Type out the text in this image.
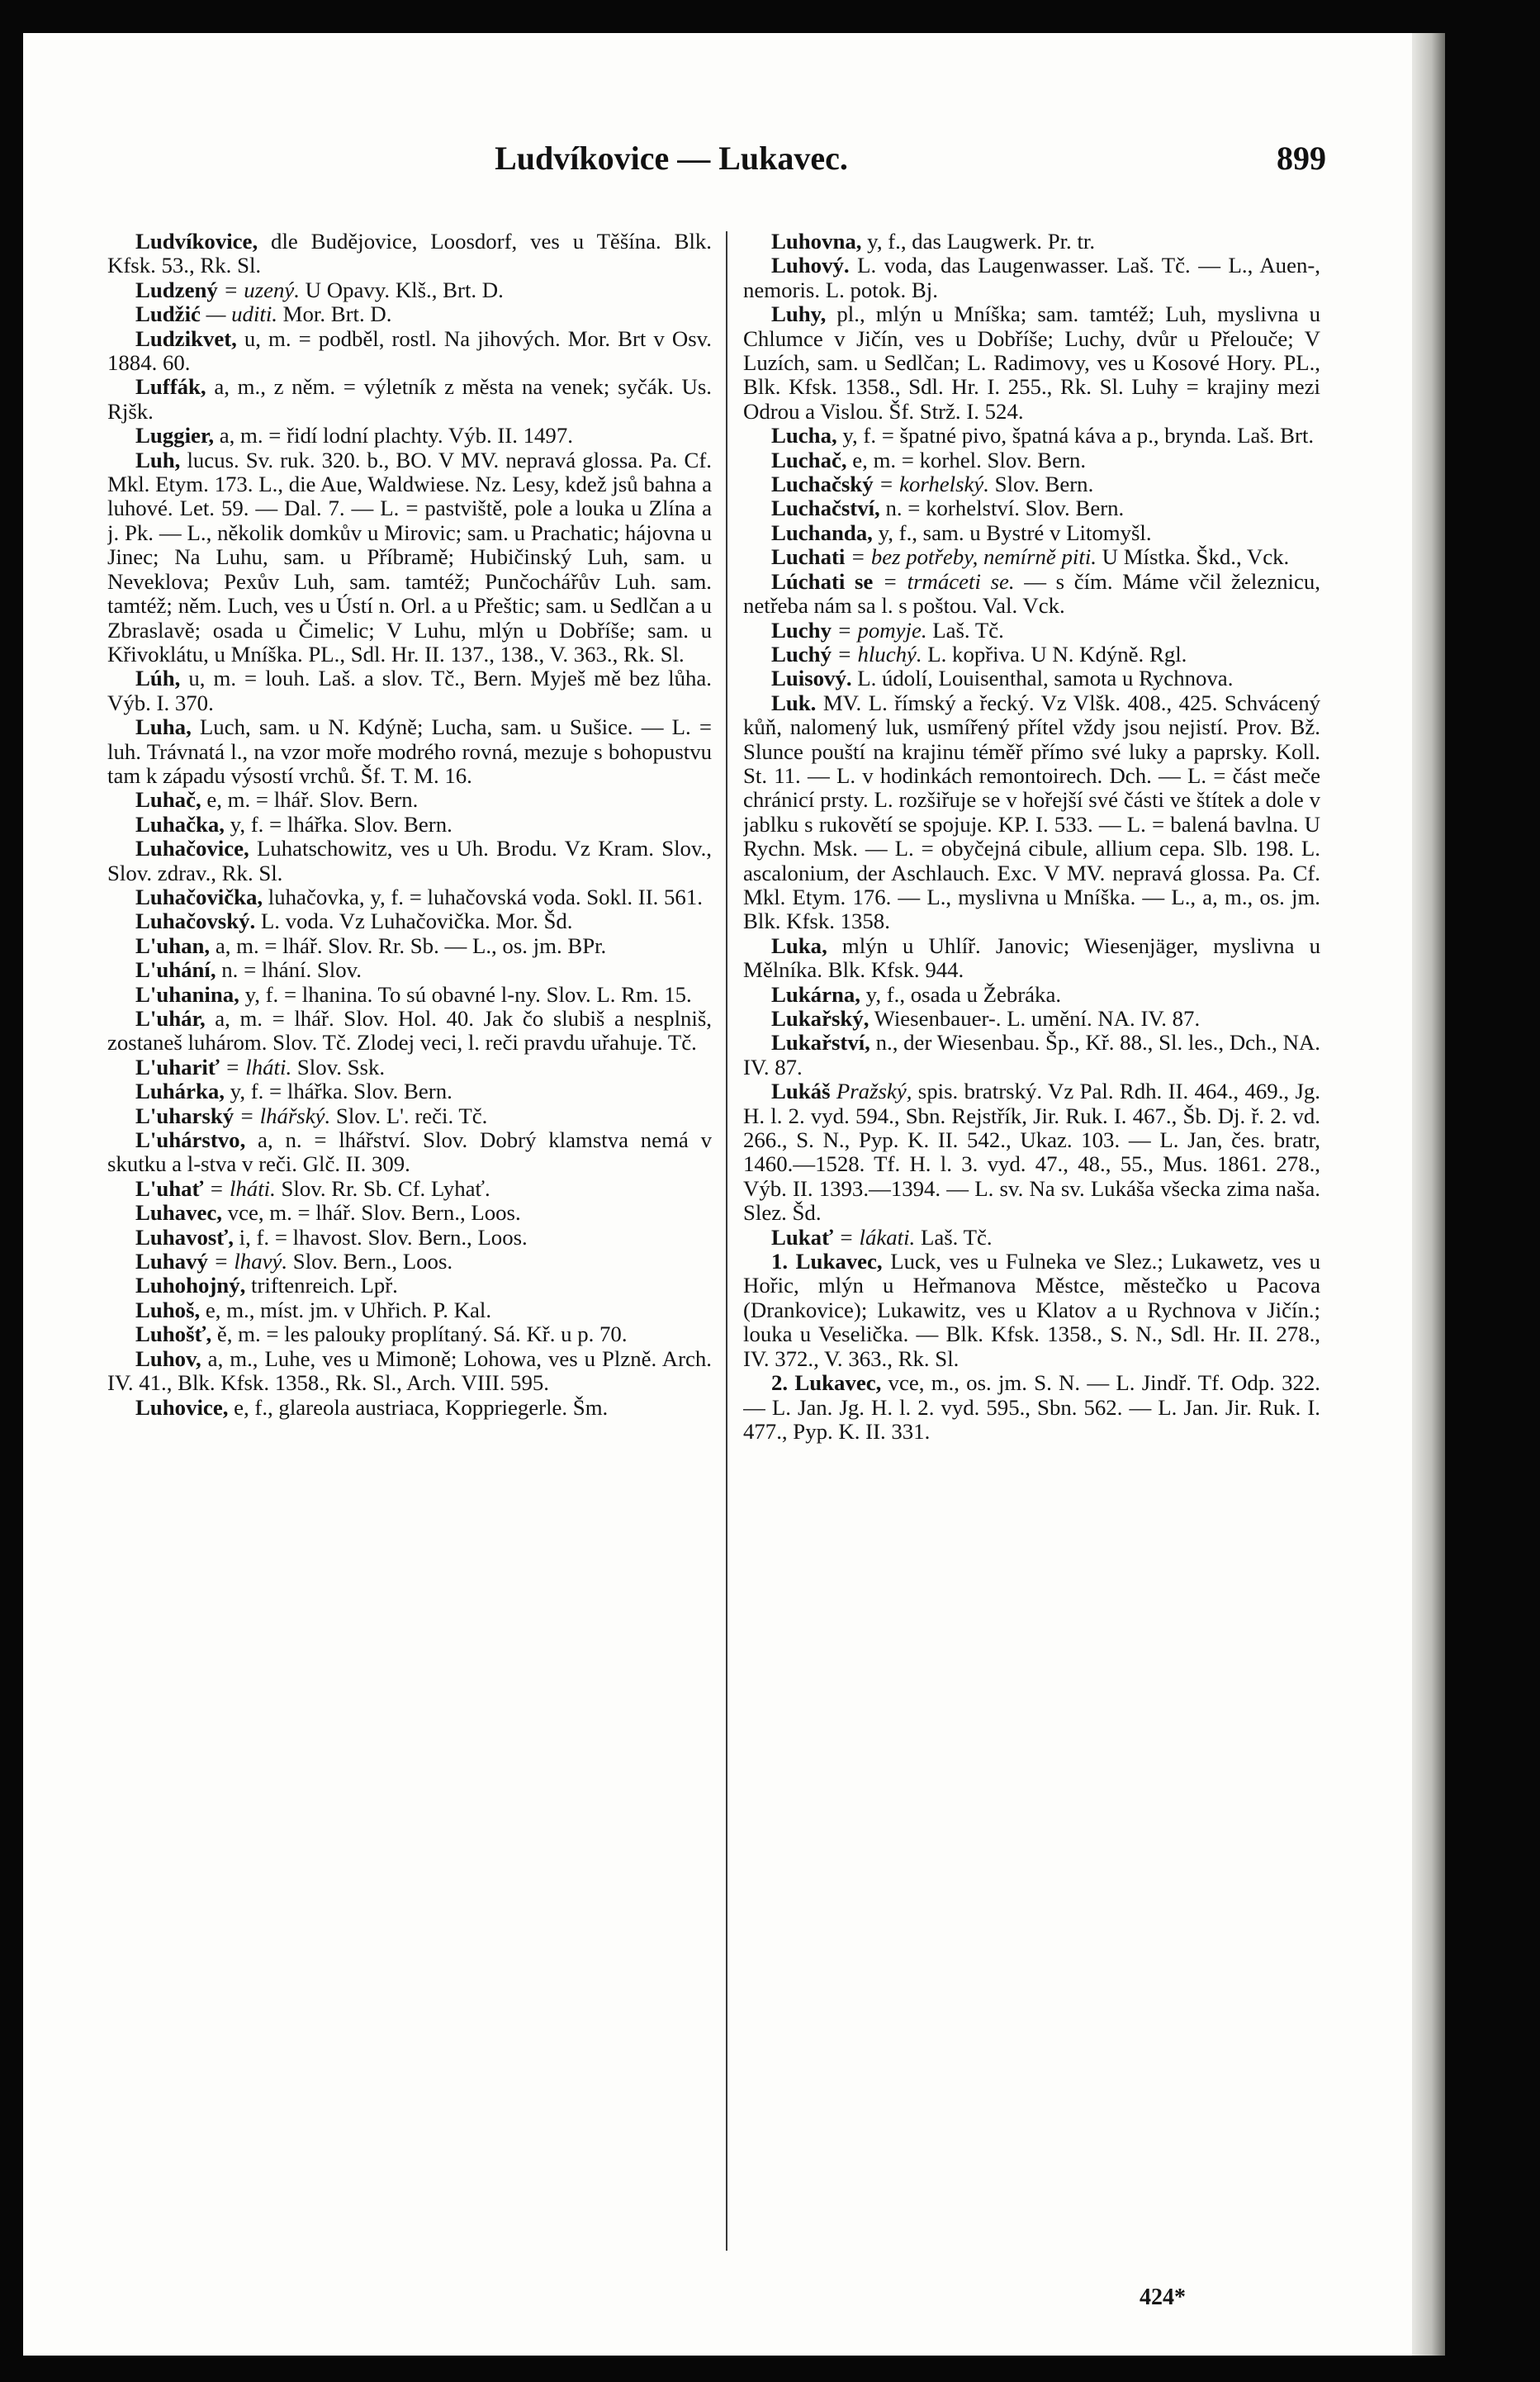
Ludvíkovice — Lukavec.	899

Ludvíkovice, dle Budějovice, Loosdorf, ves u Těšína. Blk. Kfsk. 53., Rk. Sl.

Ludzený = uzený. U Opavy. Klš., Brt. D.

Ludžić — uditi. Mor. Brt. D.

Ludzikvet, u, m. = podběl, rostl. Na jihových. Mor. Brt v Osv. 1884. 60.

Luffák, a, m., z něm. = výletník z města na venek; syčák. Us. Rjšk.

Luggier, a, m. = řidí lodní plachty. Výb. II. 1497.

Luh, lucus. Sv. ruk. 320. b., BO. V MV. nepravá glossa. Pa. Cf. Mkl. Etym. 173. L., die Aue, Waldwiese. Nz. Lesy, kdež jsů bahna a luhové. Let. 59. — Dal. 7. — L. = pastviště, pole a louka u Zlína a j. Pk. — L., několik domkův u Mirovic; sam. u Prachatic; hájovna u Jinec; Na Luhu, sam. u Příbramě; Hubičinský Luh, sam. u Neveklova; Pexův Luh, sam. tamtéž; Punčochářův Luh. sam. tamtéž; něm. Luch, ves u Ústí n. Orl. a u Přeštic; sam. u Sedlčan a u Zbraslavě; osada u Čimelic; V Luhu, mlýn u Dobříše; sam. u Křivoklátu, u Mníška. PL., Sdl. Hr. II. 137., 138., V. 363., Rk. Sl.

Lúh, u, m. = louh. Laš. a slov. Tč., Bern. Myješ mě bez lůha. Výb. I. 370.

Luha, Luch, sam. u N. Kdýně; Lucha, sam. u Sušice. — L. = luh. Trávnatá l., na vzor moře modrého rovná, mezuje s bohopustvu tam k západu výsostí vrchů. Šf. T. M. 16.

Luhač, e, m. = lhář. Slov. Bern.

Luhačka, y, f. = lhářka. Slov. Bern.

Luhačovice, Luhatschowitz, ves u Uh. Brodu. Vz Kram. Slov., Slov. zdrav., Rk. Sl.

Luhačovička, luhačovka, y, f. = luhačovská voda. Sokl. II. 561.

Luhačovský. L. voda. Vz Luhačovička. Mor. Šd.

L'uhan, a, m. = lhář. Slov. Rr. Sb. — L., os. jm. BPr.

L'uhání, n. = lhání. Slov.

L'uhanina, y, f. = lhanina. To sú obavné l-ny. Slov. L. Rm. 15.

L'uhár, a, m. = lhář. Slov. Hol. 40. Jak čo slubiš a nesplniš, zostaneš luhárom. Slov. Tč. Zlodej veci, l. reči pravdu uřahuje. Tč.

L'uhariť = lháti. Slov. Ssk.

Luhárka, y, f. = lhářka. Slov. Bern.

L'uharský = lhářský. Slov. L'. reči. Tč.

L'uhárstvo, a, n. = lhářství. Slov. Dobrý klamstva nemá v skutku a l-stva v reči. Glč. II. 309.

L'uhať = lháti. Slov. Rr. Sb. Cf. Lyhať.

Luhavec, vce, m. = lhář. Slov. Bern., Loos.

Luhavosť, i, f. = lhavost. Slov. Bern., Loos.

Luhavý = lhavý. Slov. Bern., Loos.

Luhohojný, triftenreich. Lpř.

Luhoš, e, m., míst. jm. v Uhřich. P. Kal.

Luhošť, ě, m. = les palouky proplítaný. Sá. Kř. u p. 70.

Luhov, a, m., Luhe, ves u Mimoně; Lohowa, ves u Plzně. Arch. IV. 41., Blk. Kfsk. 1358., Rk. Sl., Arch. VIII. 595.

Luhovice, e, f., glareola austriaca, Koppriegerle. Šm.

Luhovna, y, f., das Laugwerk. Pr. tr.

Luhový. L. voda, das Laugenwasser. Laš. Tč. — L., Auen-, nemoris. L. potok. Bj.

Luhy, pl., mlýn u Mníška; sam. tamtéž; Luh, myslivna u Chlumce v Jičín, ves u Dobříše; Luchy, dvůr u Přelouče; V Luzích, sam. u Sedlčan; L. Radimovy, ves u Kosové Hory. PL., Blk. Kfsk. 1358., Sdl. Hr. I. 255., Rk. Sl. Luhy = krajiny mezi Odrou a Vislou. Šf. Strž. I. 524.

Lucha, y, f. = špatné pivo, špatná káva a p., brynda. Laš. Brt.

Luchač, e, m. = korhel. Slov. Bern.

Luchačský = korhelský. Slov. Bern.

Luchačství, n. = korhelství. Slov. Bern.

Luchanda, y, f., sam. u Bystré v Litomyšl.

Luchati = bez potřeby, nemírně piti. U Místka. Škd., Vck.

Lúchati se = trmáceti se. — s čím. Máme včil železnicu, netřeba nám sa l. s poštou. Val. Vck.

Luchy = pomyje. Laš. Tč.

Luchý = hluchý. L. kopřiva. U N. Kdýně. Rgl.

Luisový. L. údolí, Louisenthal, samota u Rychnova.

Luk. MV. L. římský a řecký. Vz Vlšk. 408., 425. Schvácený kůň, nalomený luk, usmířený přítel vždy jsou nejistí. Prov. Bž. Slunce pouští na krajinu téměř přímo své luky a paprsky. Koll. St. 11. — L. v hodinkách remontoirech. Dch. — L. = část meče chránicí prsty. L. rozšiřuje se v hořejší své části ve štítek a dole v jablku s rukovětí se spojuje. KP. I. 533. — L. = balená bavlna. U Rychn. Msk. — L. = obyčejná cibule, allium cepa. Slb. 198. L. ascalonium, der Aschlauch. Exc. V MV. nepravá glossa. Pa. Cf. Mkl. Etym. 176. — L., myslivna u Mníška. — L., a, m., os. jm. Blk. Kfsk. 1358.

Luka, mlýn u Uhlíř. Janovic; Wiesenjäger, myslivna u Mělníka. Blk. Kfsk. 944.

Lukárna, y, f., osada u Žebráka.

Lukařský, Wiesenbauer-. L. umění. NA. IV. 87.

Lukařství, n., der Wiesenbau. Šp., Kř. 88., Sl. les., Dch., NA. IV. 87.

Lukáš Pražský, spis. bratrský. Vz Pal. Rdh. II. 464., 469., Jg. H. l. 2. vyd. 594., Sbn. Rejstřík, Jir. Ruk. I. 467., Šb. Dj. ř. 2. vd. 266., S. N., Pyp. K. II. 542., Ukaz. 103. — L. Jan, čes. bratr, 1460.—1528. Tf. H. l. 3. vyd. 47., 48., 55., Mus. 1861. 278., Výb. II. 1393.—1394. — L. sv. Na sv. Lukáša všecka zima naša. Slez. Šd.

Lukať = lákati. Laš. Tč.

1. Lukavec, Luck, ves u Fulneka ve Slez.; Lukawetz, ves u Hořic, mlýn u Heřmanova Městce, městečko u Pacova (Drankovice); Lukawitz, ves u Klatov a u Rychnova v Jičín.; louka u Veselička. — Blk. Kfsk. 1358., S. N., Sdl. Hr. II. 278., IV. 372., V. 363., Rk. Sl.

2. Lukavec, vce, m., os. jm. S. N. — L. Jindř. Tf. Odp. 322. — L. Jan. Jg. H. l. 2. vyd. 595., Sbn. 562. — L. Jan. Jir. Ruk. I. 477., Pyp. K. II. 331.

424*
